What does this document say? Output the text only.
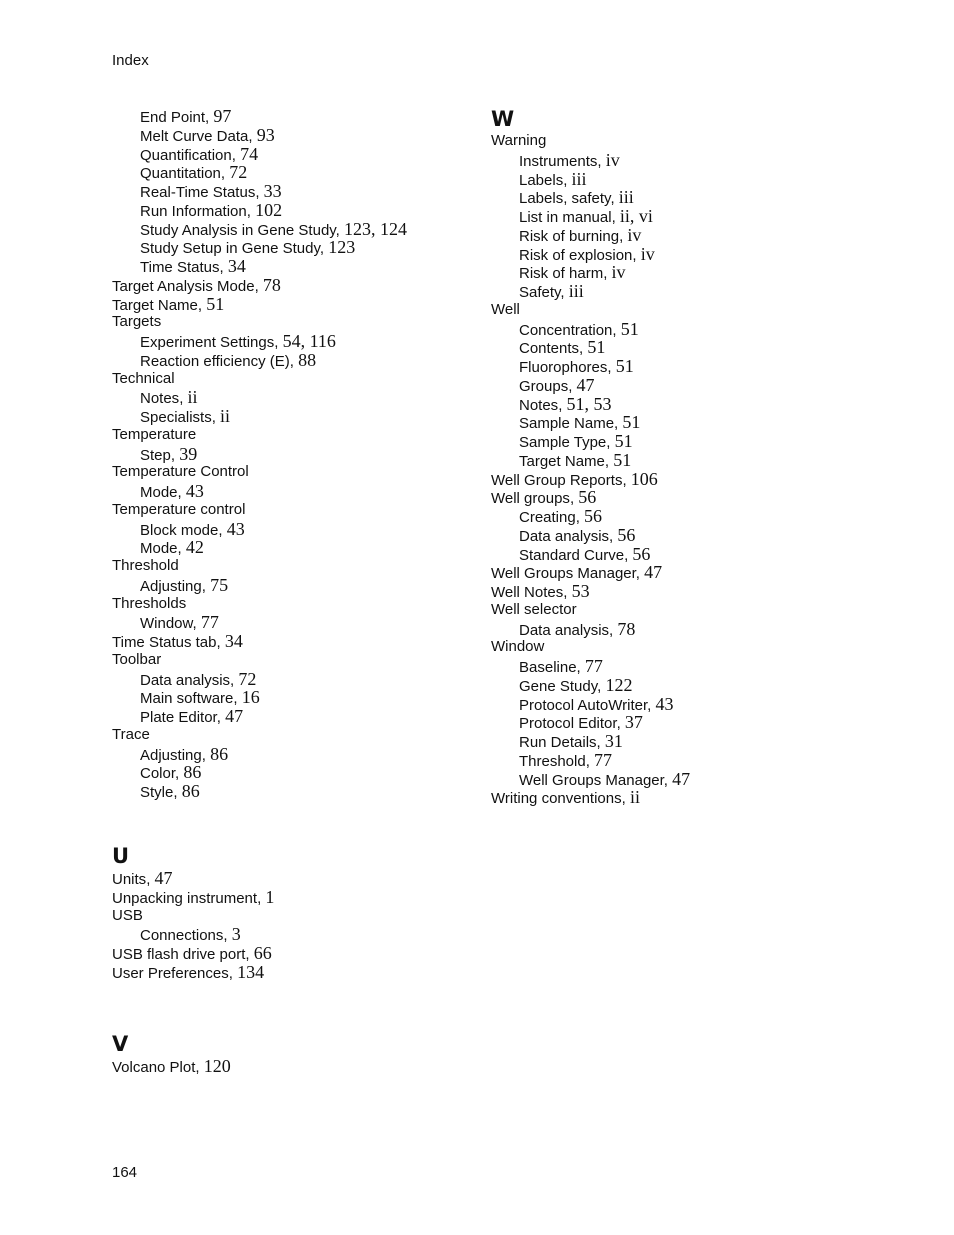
Index
End Point, 97
Melt Curve Data, 93
Quantification, 74
Quantitation, 72
Real-Time Status, 33
Run Information, 102
Study Analysis in Gene Study, 123, 124
Study Setup in Gene Study, 123
Time Status, 34
Target Analysis Mode, 78
Target Name, 51
Targets
Experiment Settings, 54, 116
Reaction efficiency (E), 88
Technical
Notes, ii
Specialists, ii
Temperature
Step, 39
Temperature Control
Mode, 43
Temperature control
Block mode, 43
Mode, 42
Threshold
Adjusting, 75
Thresholds
Window, 77
Time Status tab, 34
Toolbar
Data analysis, 72
Main software, 16
Plate Editor, 47
Trace
Adjusting, 86
Color, 86
Style, 86
U
Units, 47
Unpacking instrument, 1
USB
Connections, 3
USB flash drive port, 66
User Preferences, 134
V
Volcano Plot, 120
W
Warning
Instruments, iv
Labels, iii
Labels, safety, iii
List in manual, ii, vi
Risk of burning, iv
Risk of explosion, iv
Risk of harm, iv
Safety, iii
Well
Concentration, 51
Contents, 51
Fluorophores, 51
Groups, 47
Notes, 51, 53
Sample Name, 51
Sample Type, 51
Target Name, 51
Well Group Reports, 106
Well groups, 56
Creating, 56
Data analysis, 56
Standard Curve, 56
Well Groups Manager, 47
Well Notes, 53
Well selector
Data analysis, 78
Window
Baseline, 77
Gene Study, 122
Protocol AutoWriter, 43
Protocol Editor, 37
Run Details, 31
Threshold, 77
Well Groups Manager, 47
Writing conventions, ii
164
